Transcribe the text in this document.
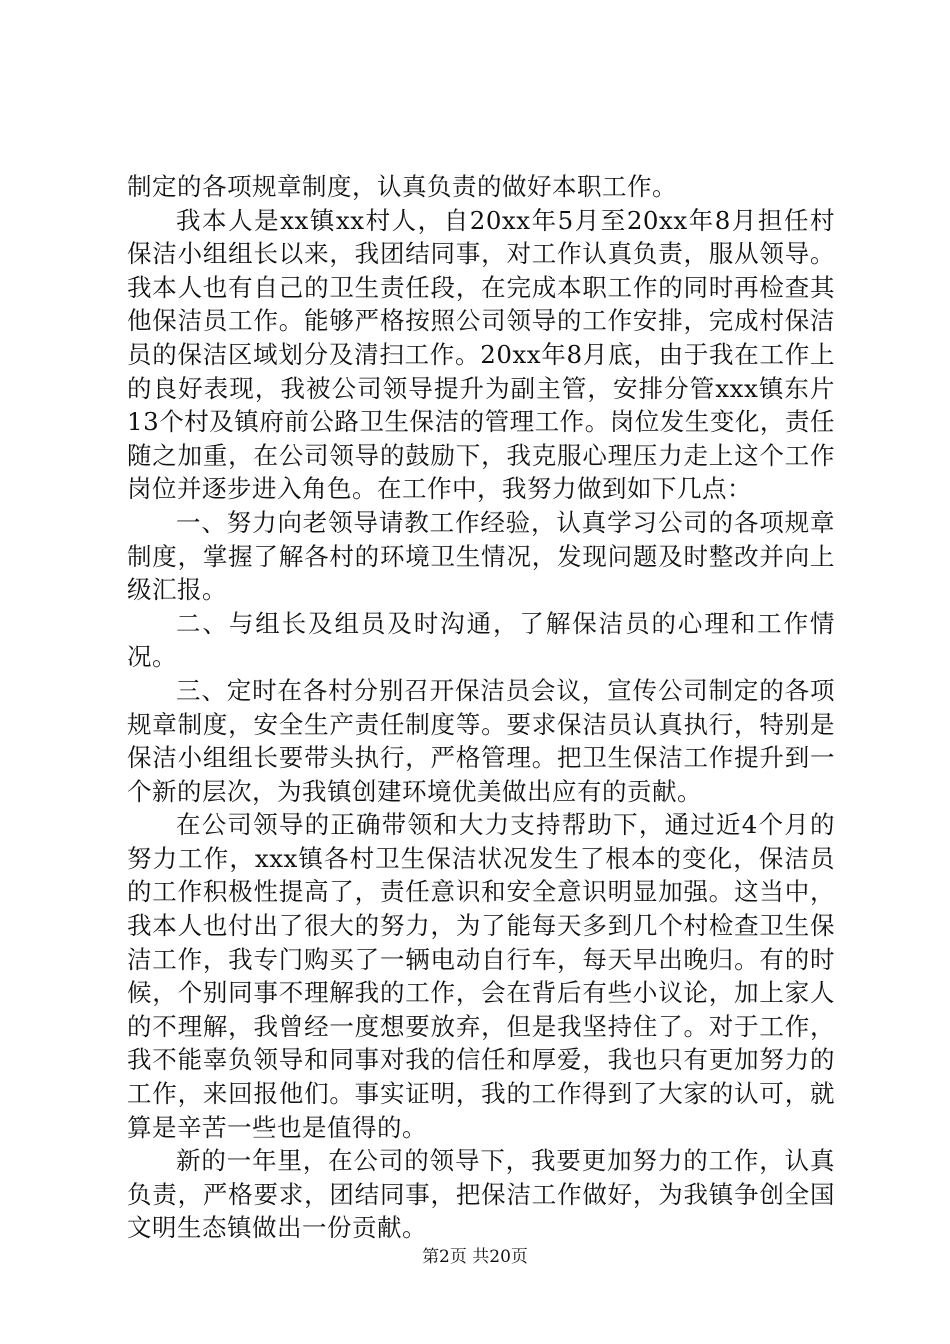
制定的各项规章制度，认真负责的做好本职工作。

我本人是xx镇xx村人，自20xx年5月至20xx年8月担任村保洁小组组长以来，我团结同事，对工作认真负责，服从领导。我本人也有自己的卫生责任段，在完成本职工作的同时再检查其他保洁员工作。能够严格按照公司领导的工作安排，完成村保洁员的保洁区域划分及清扫工作。20xx年8月底，由于我在工作上的良好表现，我被公司领导提升为副主管，安排分管xxx镇东片13个村及镇府前公路卫生保洁的管理工作。岗位发生变化，责任随之加重，在公司领导的鼓励下，我克服心理压力走上这个工作岗位并逐步进入角色。在工作中，我努力做到如下几点：

一、努力向老领导请教工作经验，认真学习公司的各项规章制度，掌握了解各村的环境卫生情况，发现问题及时整改并向上级汇报。

二、与组长及组员及时沟通，了解保洁员的心理和工作情况。

三、定时在各村分别召开保洁员会议，宣传公司制定的各项规章制度，安全生产责任制度等。要求保洁员认真执行，特别是保洁小组组长要带头执行，严格管理。把卫生保洁工作提升到一个新的层次，为我镇创建环境优美做出应有的贡献。

在公司领导的正确带领和大力支持帮助下，通过近4个月的努力工作，xxx镇各村卫生保洁状况发生了根本的变化，保洁员的工作积极性提高了，责任意识和安全意识明显加强。这当中，我本人也付出了很大的努力，为了能每天多到几个村检查卫生保洁工作，我专门购买了一辆电动自行车，每天早出晚归。有的时候，个别同事不理解我的工作，会在背后有些小议论，加上家人的不理解，我曾经一度想要放弃，但是我坚持住了。对于工作，我不能辜负领导和同事对我的信任和厚爱，我也只有更加努力的工作，来回报他们。事实证明，我的工作得到了大家的认可，就算是辛苦一些也是值得的。

新的一年里，在公司的领导下，我要更加努力的工作，认真负责，严格要求，团结同事，把保洁工作做好，为我镇争创全国文明生态镇做出一份贡献。

第2页 共20页
